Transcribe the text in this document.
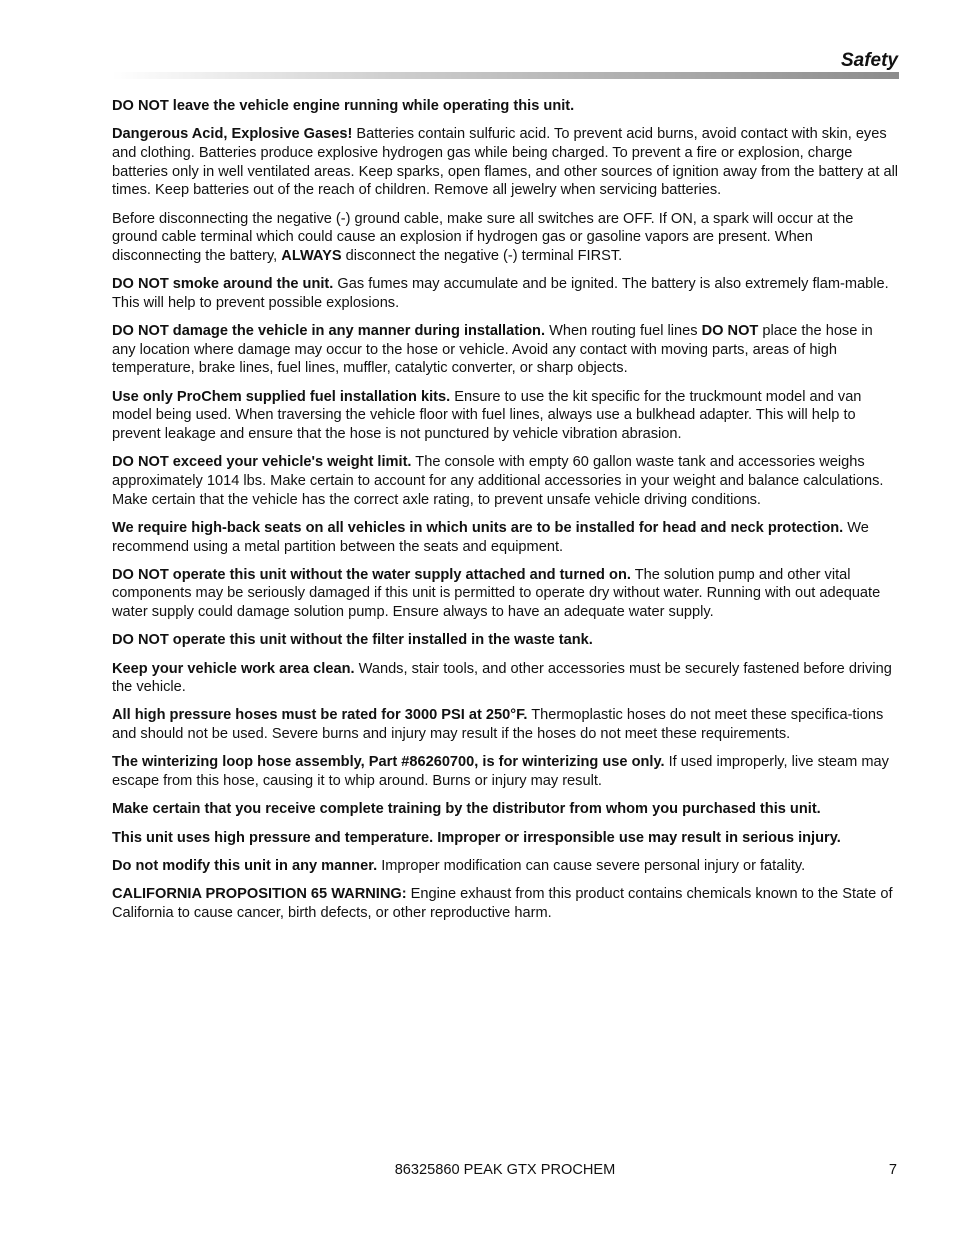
Safety

DO NOT leave the vehicle engine running while operating this unit.

Dangerous Acid, Explosive Gases! Batteries contain sulfuric acid. To prevent acid burns, avoid contact with skin, eyes and clothing. Batteries produce explosive hydrogen gas while being charged. To prevent a fire or explosion, charge batteries only in well ventilated areas. Keep sparks, open flames, and other sources of ignition away from the battery at all times. Keep batteries out of the reach of children. Remove all jewelry when servicing batteries.

Before disconnecting the negative (-) ground cable, make sure all switches are OFF. If ON, a spark will occur at the ground cable terminal which could cause an explosion if hydrogen gas or gasoline vapors are present. When disconnecting the battery, ALWAYS disconnect the negative (-) terminal FIRST.

DO NOT smoke around the unit. Gas fumes may accumulate and be ignited. The battery is also extremely flam-mable. This will help to prevent possible explosions.

DO NOT damage the vehicle in any manner during installation. When routing fuel lines DO NOT place the hose in any location where damage may occur to the hose or vehicle. Avoid any contact with moving parts, areas of high temperature, brake lines, fuel lines, muffler, catalytic converter, or sharp objects.

Use only ProChem supplied fuel installation kits. Ensure to use the kit specific for the truckmount model and van model being used. When traversing the vehicle floor with fuel lines, always use a bulkhead adapter. This will help to prevent leakage and ensure that the hose is not punctured by vehicle vibration abrasion.

DO NOT exceed your vehicle's weight limit. The console with empty 60 gallon waste tank and accessories weighs approximately 1014 lbs. Make certain to account for any additional accessories in your weight and balance calculations. Make certain that the vehicle has the correct axle rating, to prevent unsafe vehicle driving conditions.

We require high-back seats on all vehicles in which units are to be installed for head and neck protection. We recommend using a metal partition between the seats and equipment.

DO NOT operate this unit without the water supply attached and turned on. The solution pump and other vital components may be seriously damaged if this unit is permitted to operate dry without water. Running with out adequate water supply could damage solution pump. Ensure always to have an adequate water supply.

DO NOT operate this unit without the filter installed in the waste tank.

Keep your vehicle work area clean. Wands, stair tools, and other accessories must be securely fastened before driving the vehicle.

All high pressure hoses must be rated for 3000 PSI at 250°F. Thermoplastic hoses do not meet these specifica-tions and should not be used. Severe burns and injury may result if the hoses do not meet these requirements.

The winterizing loop hose assembly, Part #86260700, is for winterizing use only. If used improperly, live steam may escape from this hose, causing it to whip around. Burns or injury may result.

Make certain that you receive complete training by the distributor from whom you purchased this unit.

This unit uses high pressure and temperature. Improper or irresponsible use may result in serious injury.

Do not modify this unit in any manner. Improper modification can cause severe personal injury or fatality.

CALIFORNIA PROPOSITION 65 WARNING: Engine exhaust from this product contains chemicals known to the State of California to cause cancer, birth defects, or other reproductive harm.

86325860 PEAK GTX PROCHEM	7
